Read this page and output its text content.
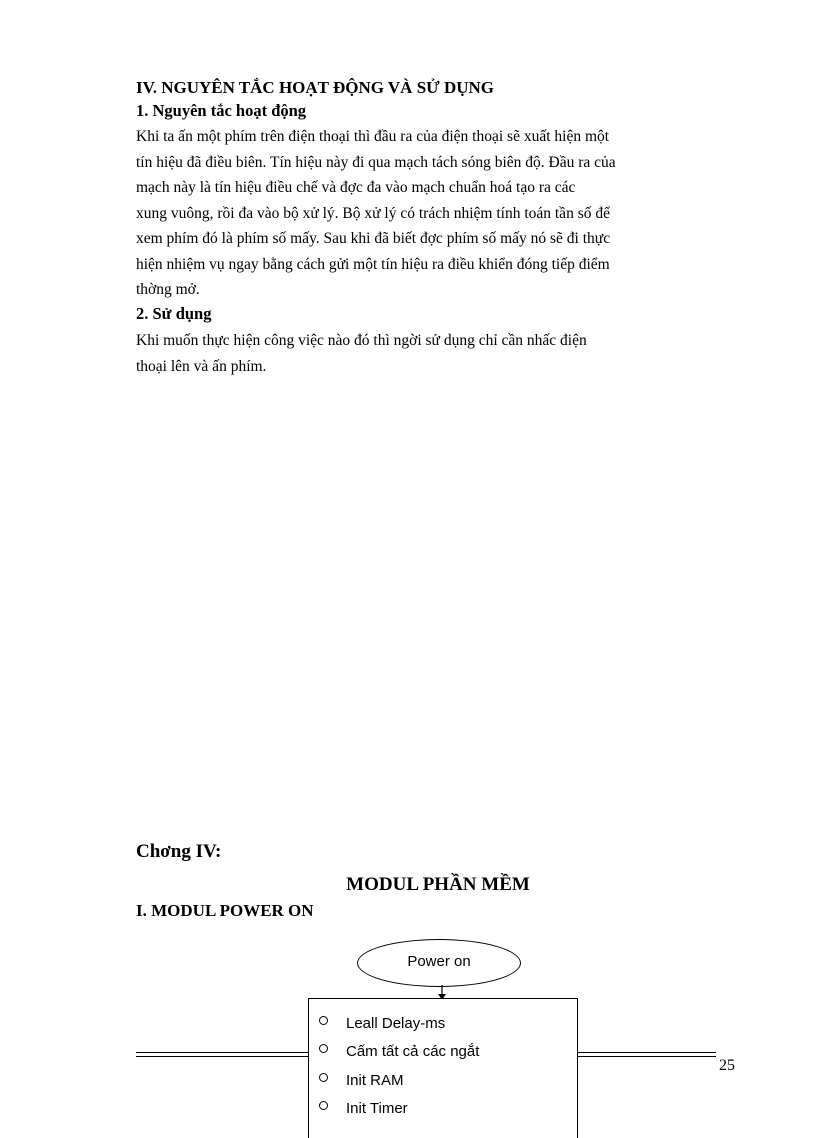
IV. NGUYÊN TẮC HOẠT ĐỘNG VÀ SỬ DỤNG
1. Nguyên tắc hoạt động
Khi ta ấn một phím trên điện thoại thì đầu ra của điện thoại sẽ xuất hiện một
tín hiệu đã điều biên. Tín hiệu này đi qua mạch tách sóng biên độ. Đầu ra của
mạch này là tín hiệu điều chế và đợc đa vào mạch chuẩn hoá tạo ra các
xung vuông, rồi đa vào bộ xử lý. Bộ xử lý có trách nhiệm tính toán tần số để
xem phím đó là phím số mấy. Sau khi đã biết đợc phím số mấy nó sẽ đi thực
hiện nhiệm vụ ngay bằng cách gửi một tín hiệu ra điều khiển đóng tiếp điểm
thờng mở.
2. Sử dụng
Khi muốn thực hiện công việc nào đó thì ngời sử dụng chỉ cần nhấc điện
thoại lên và ấn phím.
Chơng IV:
MODUL PHẦN MỀM
I. MODUL POWER ON
Power on
25
Leall Delay-ms
Cấm tất cả các ngắt
Init RAM
Init Timer
